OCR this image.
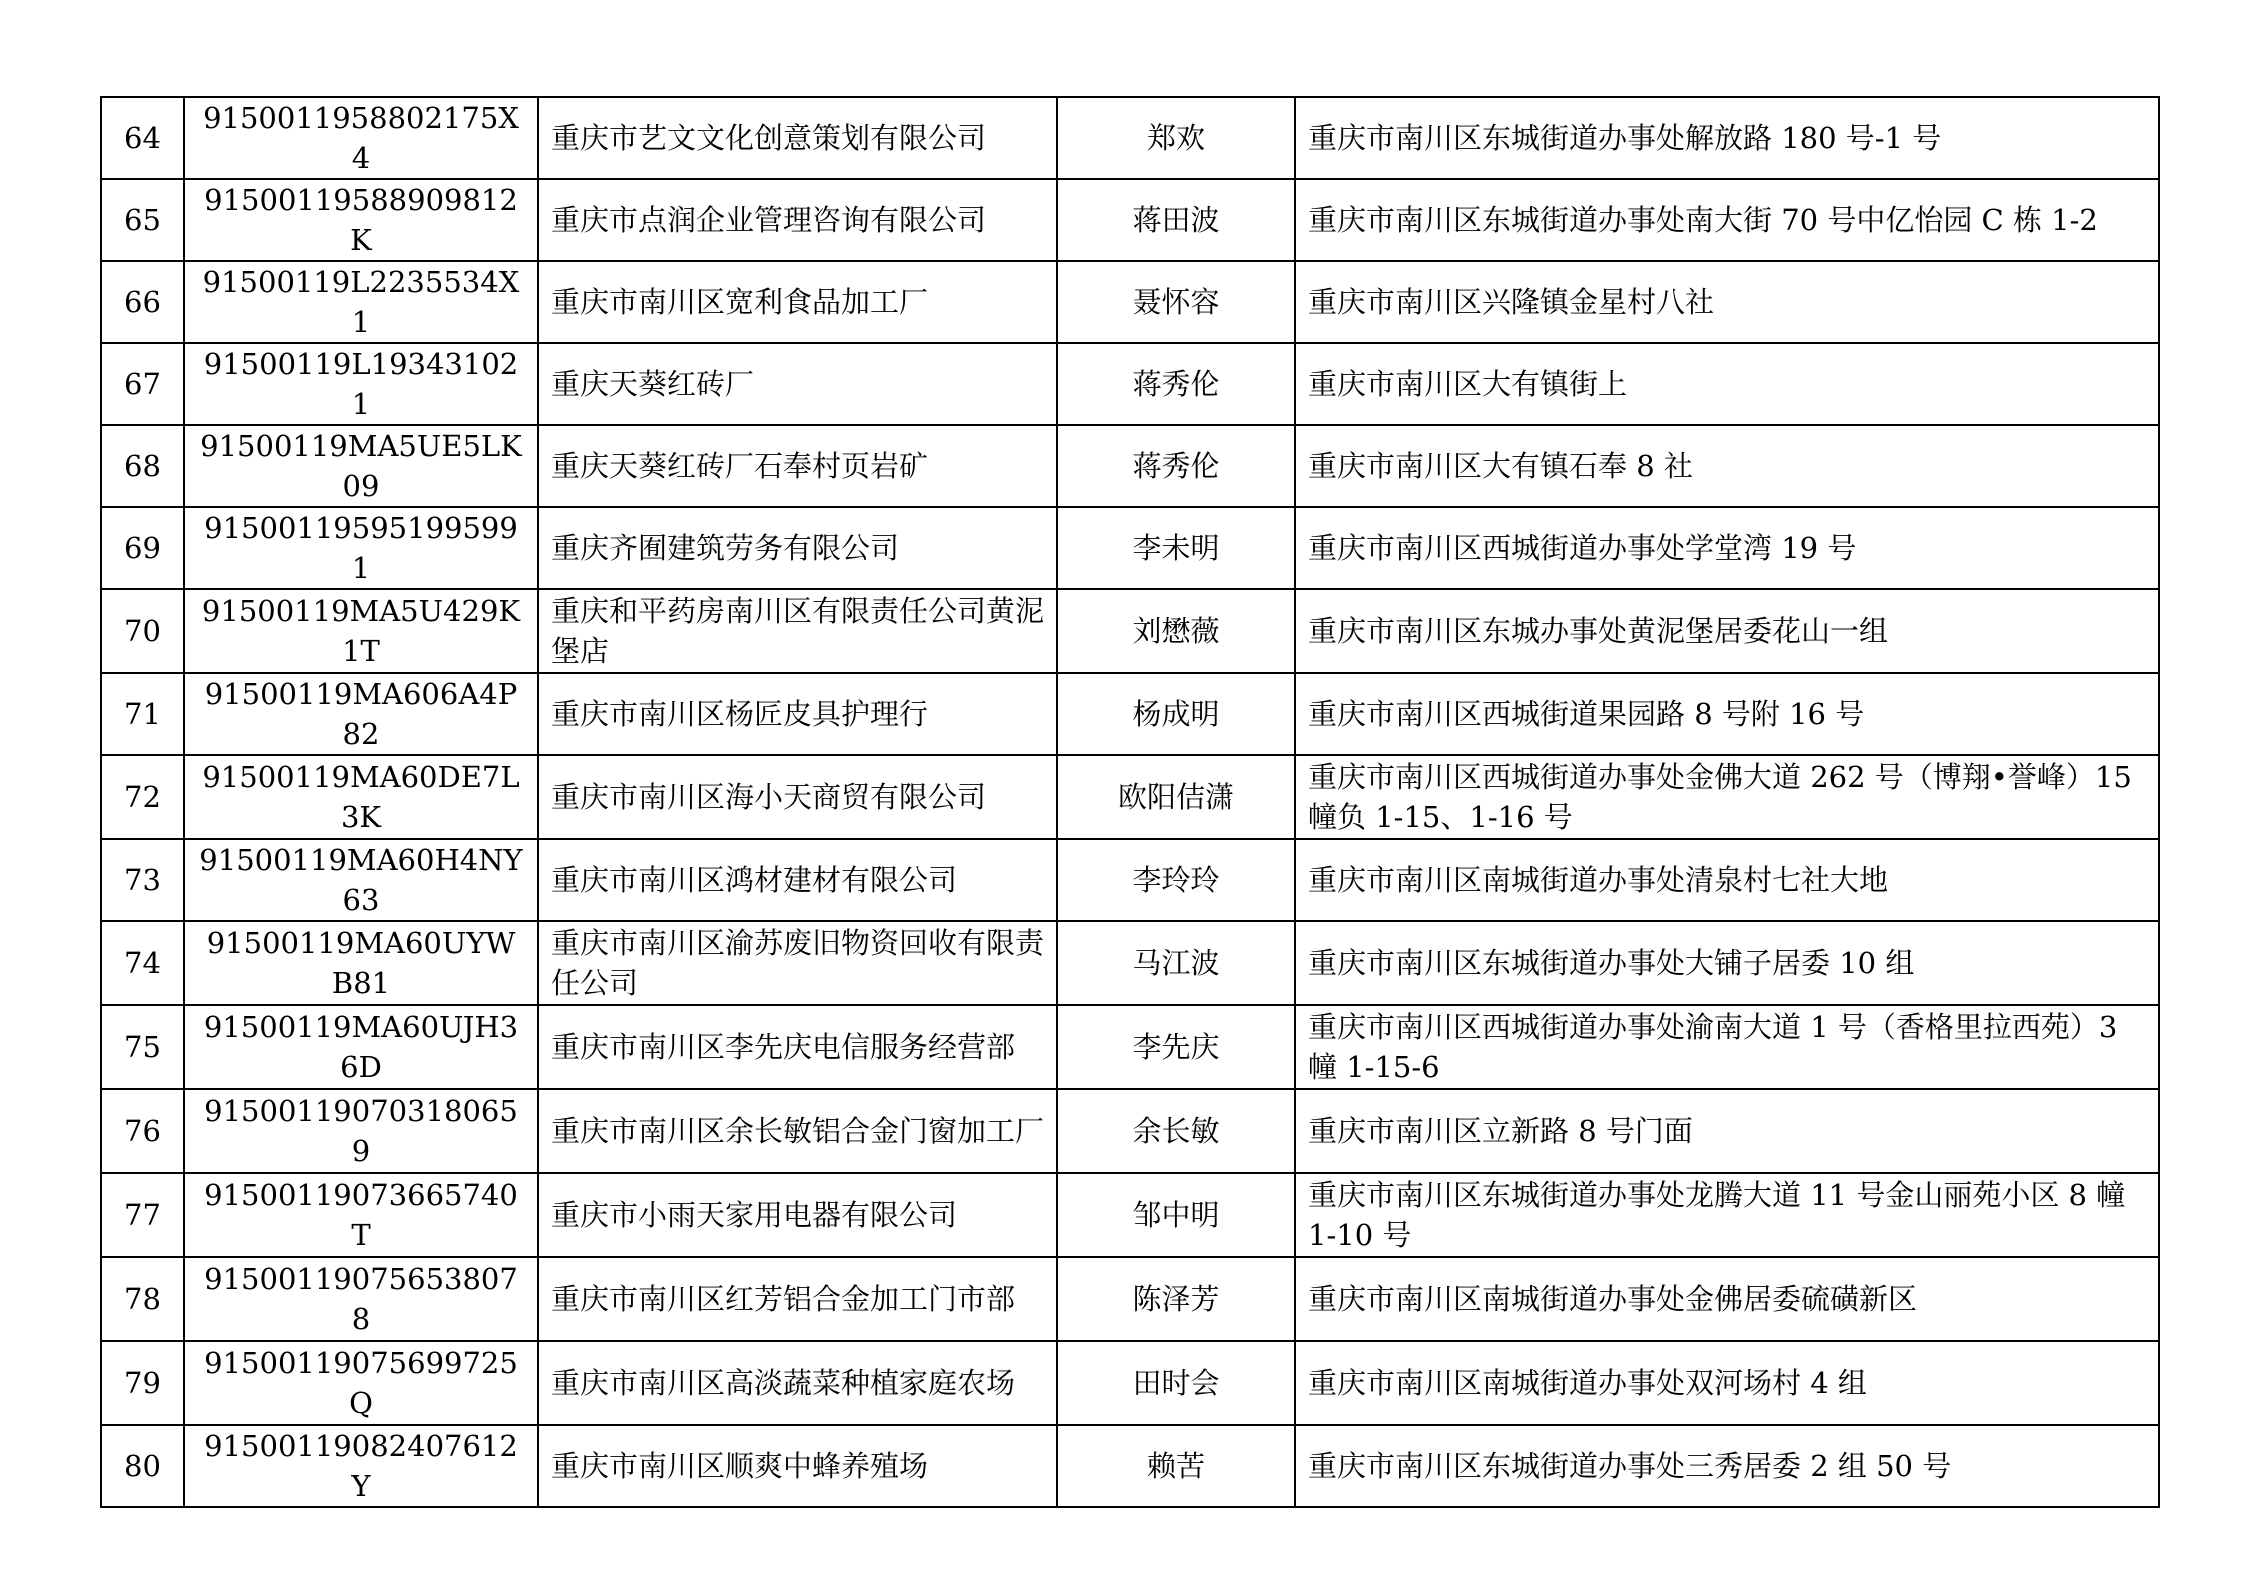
64	9150011958802175X4	重庆市艺文文化创意策划有限公司	郑欢	重庆市南川区东城街道办事处解放路 180 号-1 号
65	91500119588909812K	重庆市点润企业管理咨询有限公司	蒋田波	重庆市南川区东城街道办事处南大街 70 号中亿怡园 C 栋 1-2
66	91500119L2235534X1	重庆市南川区宽利食品加工厂	聂怀容	重庆市南川区兴隆镇金星村八社
67	91500119L193431021	重庆天葵红砖厂	蒋秀伦	重庆市南川区大有镇街上
68	91500119MA5UE5LK09	重庆天葵红砖厂石奉村页岩矿	蒋秀伦	重庆市南川区大有镇石奉 8 社
69	915001195951995991	重庆齐囿建筑劳务有限公司	李未明	重庆市南川区西城街道办事处学堂湾 19 号
70	91500119MA5U429K1T	重庆和平药房南川区有限责任公司黄泥堡店	刘懋薇	重庆市南川区东城办事处黄泥堡居委花山一组
71	91500119MA606A4P82	重庆市南川区杨匠皮具护理行	杨成明	重庆市南川区西城街道果园路 8 号附 16 号
72	91500119MA60DE7L3K	重庆市南川区海小天商贸有限公司	欧阳佶潇	重庆市南川区西城街道办事处金佛大道 262 号（博翔•誉峰）15 幢负 1-15、1-16 号
73	91500119MA60H4NY63	重庆市南川区鸿材建材有限公司	李玲玲	重庆市南川区南城街道办事处清泉村七社大地
74	91500119MA60UYWB81	重庆市南川区渝苏废旧物资回收有限责任公司	马江波	重庆市南川区东城街道办事处大铺子居委 10 组
75	91500119MA60UJH36D	重庆市南川区李先庆电信服务经营部	李先庆	重庆市南川区西城街道办事处渝南大道 1 号（香格里拉西苑）3 幢 1-15-6
76	915001190703180659	重庆市南川区余长敏铝合金门窗加工厂	余长敏	重庆市南川区立新路 8 号门面
77	91500119073665740T	重庆市小雨天家用电器有限公司	邹中明	重庆市南川区东城街道办事处龙腾大道 11 号金山丽苑小区 8 幢 1-10 号
78	915001190756538078	重庆市南川区红芳铝合金加工门市部	陈泽芳	重庆市南川区南城街道办事处金佛居委硫磺新区
79	91500119075699725Q	重庆市南川区高淡蔬菜种植家庭农场	田时会	重庆市南川区南城街道办事处双河场村 4 组
80	91500119082407612Y	重庆市南川区顺爽中蜂养殖场	赖苦	重庆市南川区东城街道办事处三秀居委 2 组 50 号
